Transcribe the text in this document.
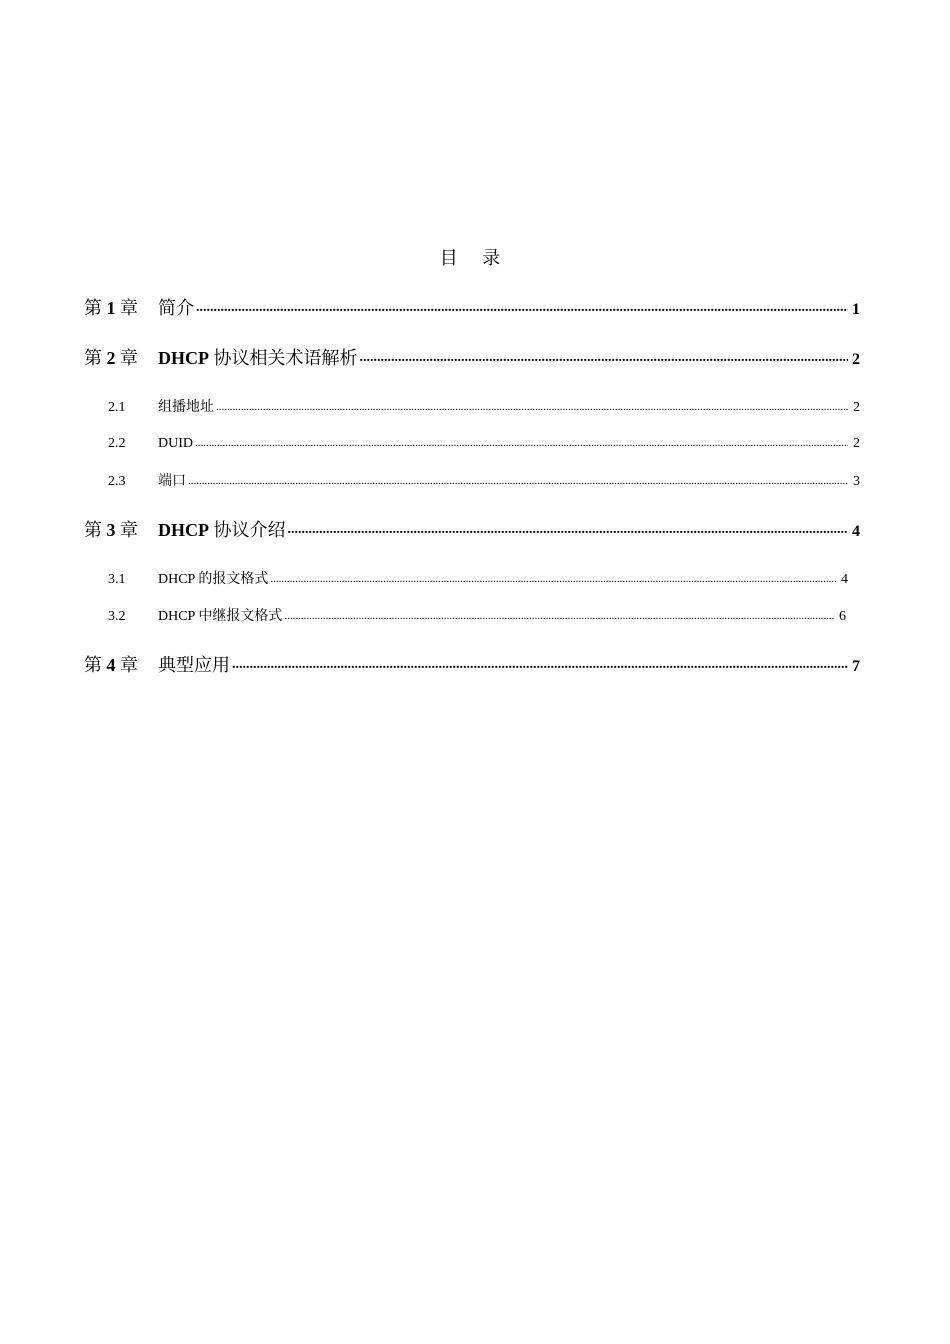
目 录
第 1 章	简介 .....	1
第 2 章	DHCP 协议相关术语解析 .....	2
2.1	组播地址 .....	2
2.2	DUID .....	2
2.3	端口 .....	3
第 3 章	DHCP 协议介绍 .....	4
3.1	DHCP 的报文格式 .....	4
3.2	DHCP 中继报文格式 .....	6
第 4 章	典型应用 .....	7
